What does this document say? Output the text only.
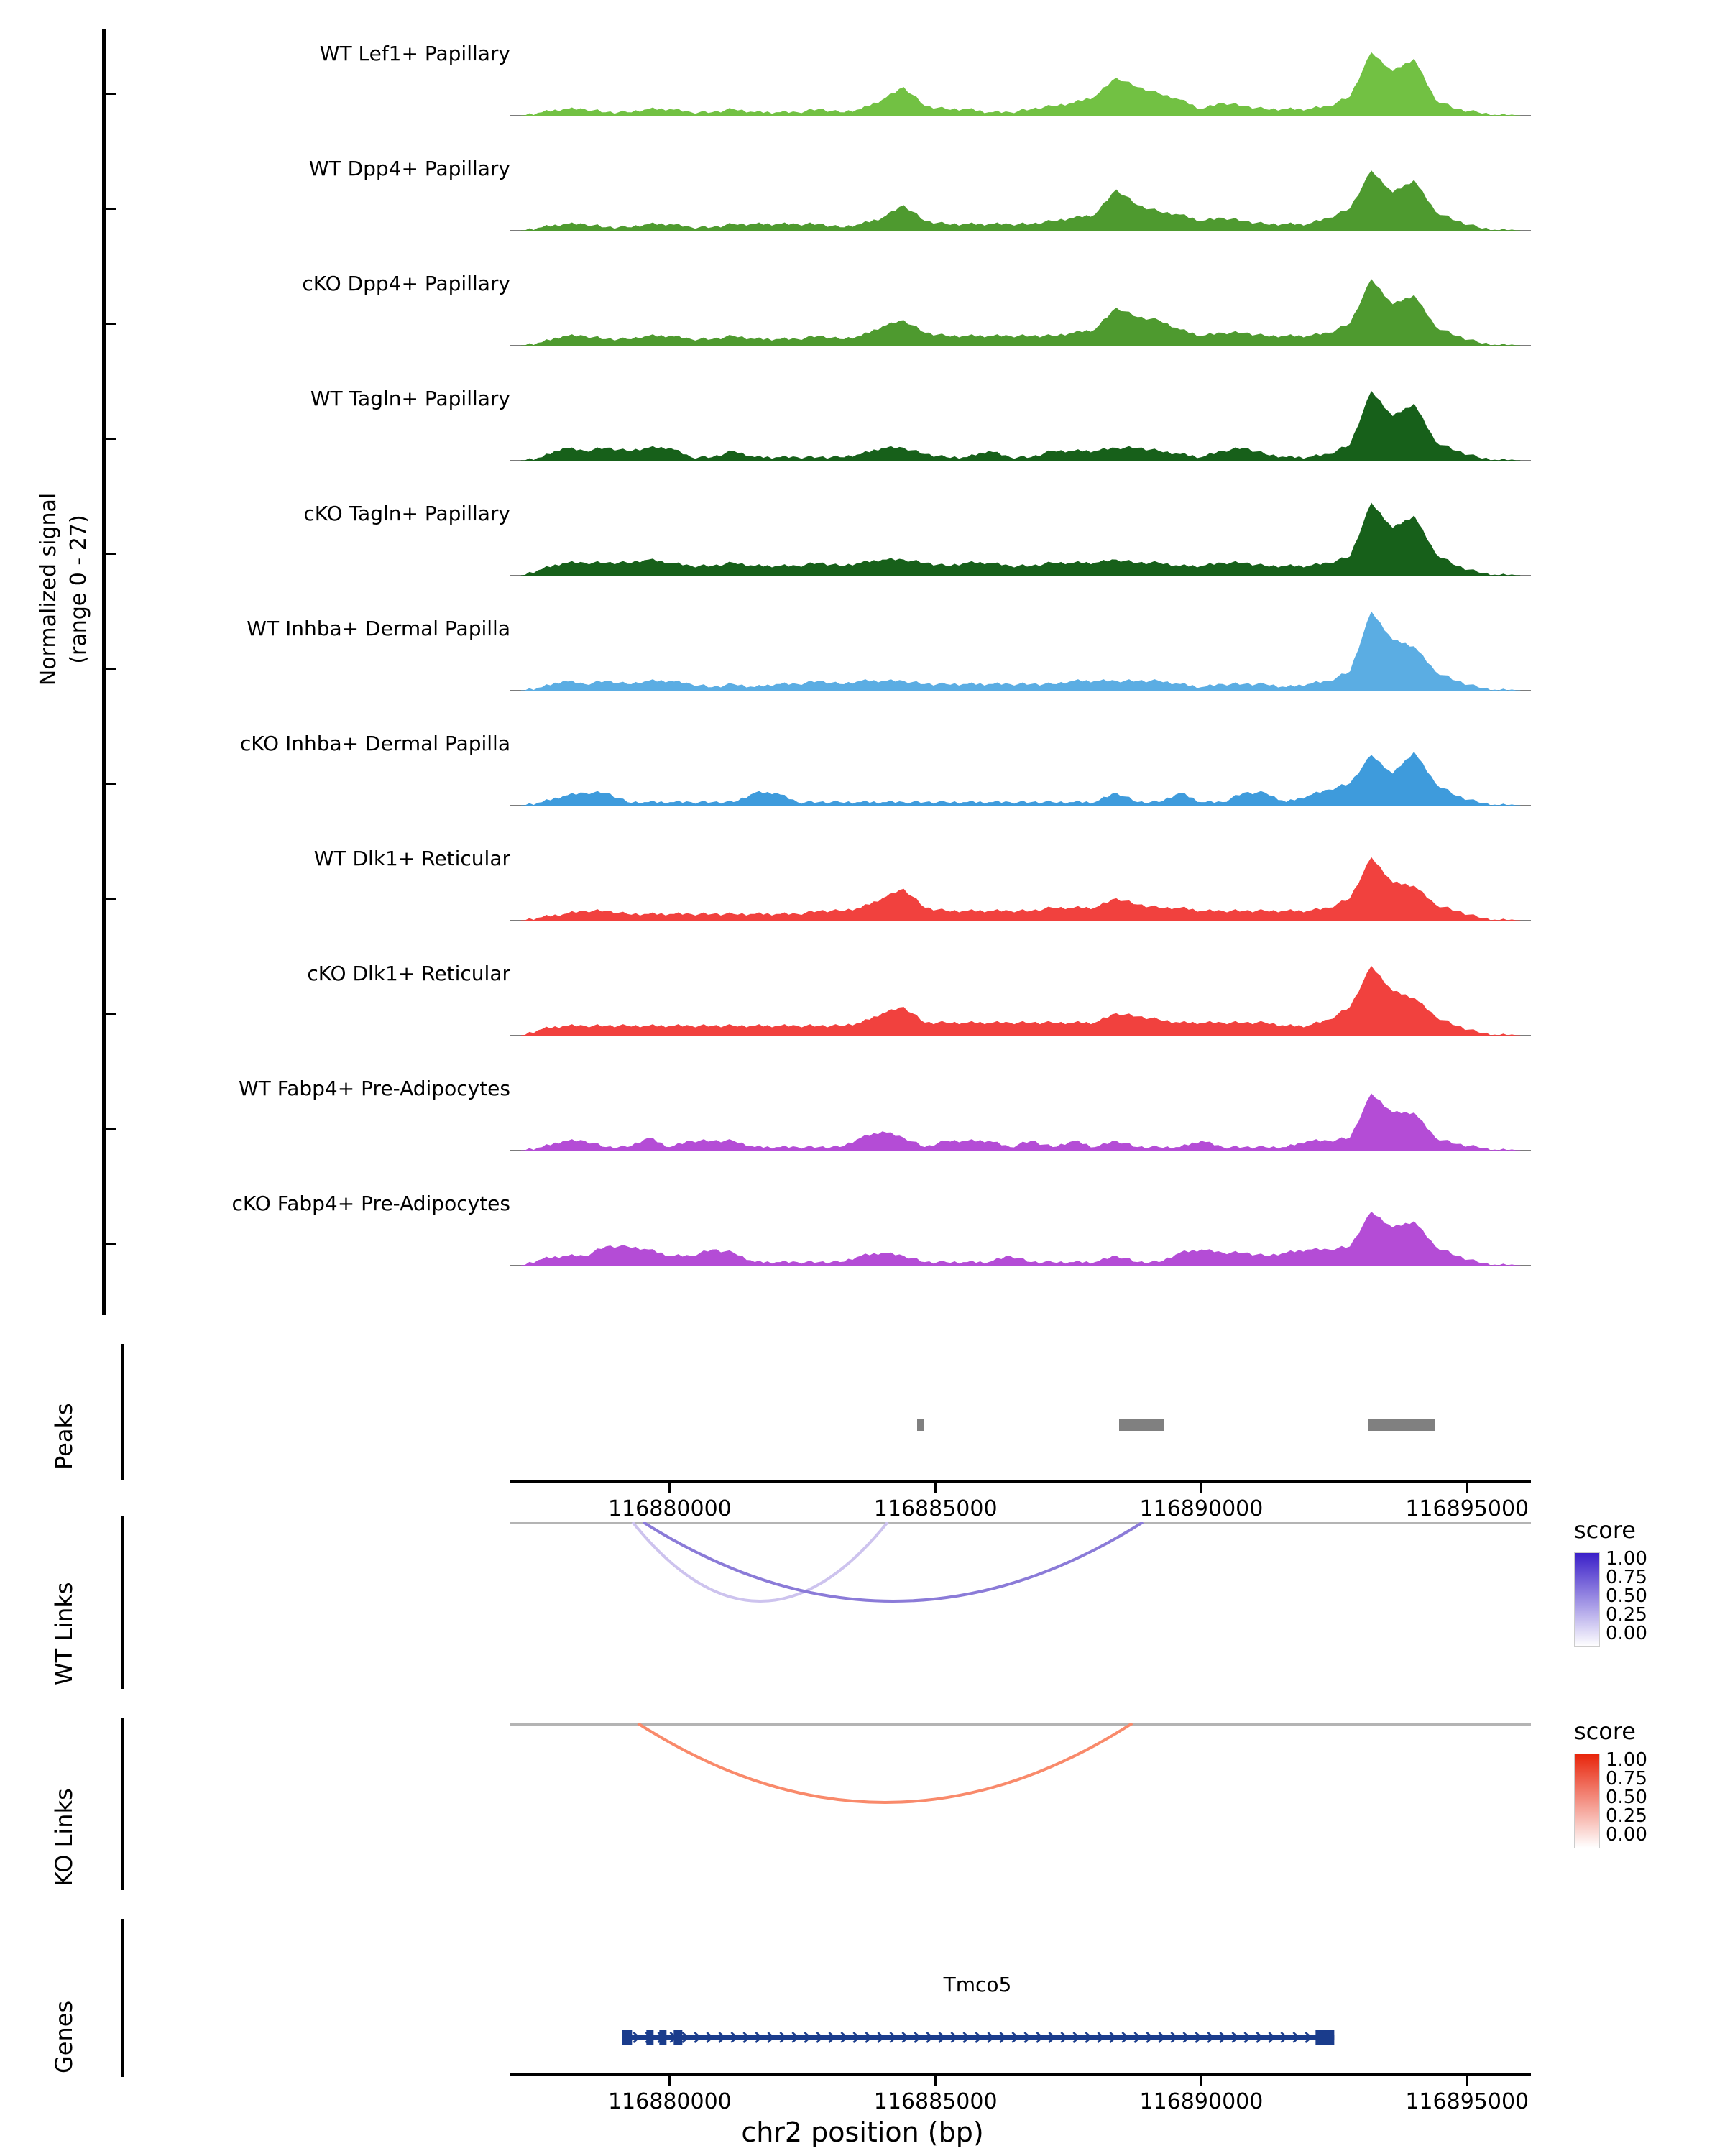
Normalized signal (range 0 - 27)
WT Lef1+ Papillary
WT Dpp4+ Papillary
cKO Dpp4+ Papillary
WT Tagln+ Papillary
cKO Tagln+ Papillary
WT Inhba+ Dermal Papilla
cKO Inhba+ Dermal Papilla
WT Dlk1+ Reticular
cKO Dlk1+ Reticular
WT Fabp4+ Pre-Adipocytes
cKO Fabp4+ Pre-Adipocytes
Peaks
116880000	116885000	116890000	116895000
WT Links
score
1.00
0.75
0.50
0.25
0.00
KO Links
score
1.00
0.75
0.50
0.25
0.00
Genes
Tmco5
116880000	116885000	116890000	116895000
chr2 position (bp)
